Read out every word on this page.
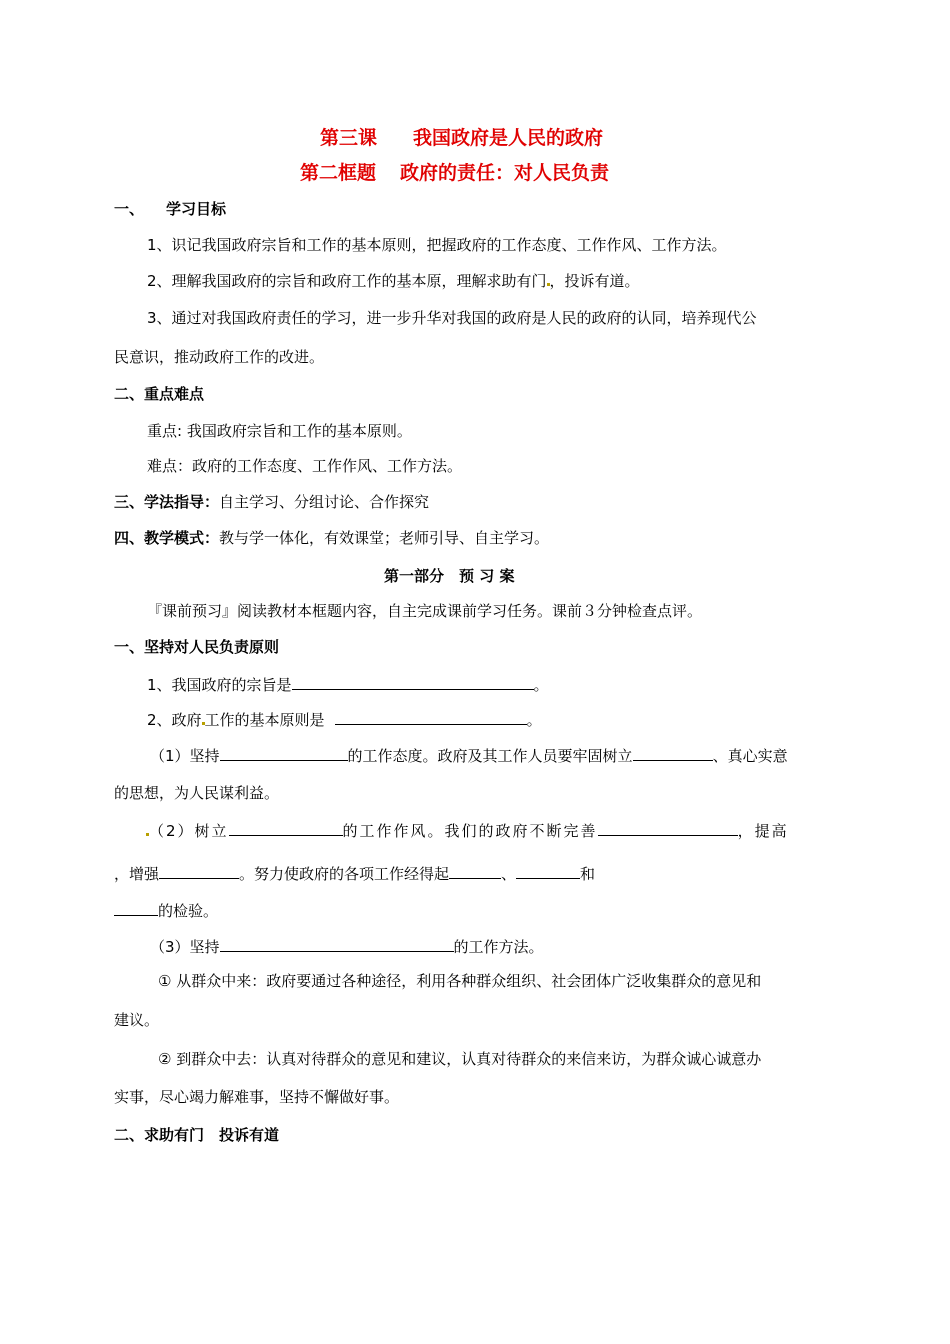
第三课 我国政府是人民的政府
第二框题 政府的责任：对人民负责
一、 学习目标
1、识记我国政府宗旨和工作的基本原则，把握政府的工作态度、工作作风、工作方法。
2、理解我国政府的宗旨和政府工作的基本原，理解求助有门 ，投诉有道。
3、通过对我国政府责任的学习，进一步升华对我国的政府是人民的政府的认同，培养现代公
民意识，推动政府工作的改进。
二、重点难点
重点: 我国政府宗旨和工作的基本原则。
难点：政府的工作态度、工作作风、工作方法。
三、学法指导：自主学习、分组讨论、合作探究
四、教学模式：教与学一体化，有效课堂；老师引导、自主学习。
第一部分　预 习 案
『课前预习』阅读教材本框题内容，自主完成课前学习任务。课前３分钟检查点评。
一、坚持对人民负责原则
1、我国政府的宗旨是	。
2、政府 工作的基本原则是	。
（1）坚持	的工作态度。政府及其工作人员要牢固树立	、真心实意
的思想，为人民谋利益。
（2）树立	的工作作风。我们的政府不断完善	，提高
，增强	。努力使政府的各项工作经得起	、	和
的检验。
（3）坚持	的工作方法。
① 从群众中来：政府要通过各种途径，利用各种群众组织、社会团体广泛收集群众的意见和
建议。
② 到群众中去：认真对待群众的意见和建议，认真对待群众的来信来访，为群众诚心诚意办
实事，尽心竭力解难事，坚持不懈做好事。
二、求助有门　投诉有道
